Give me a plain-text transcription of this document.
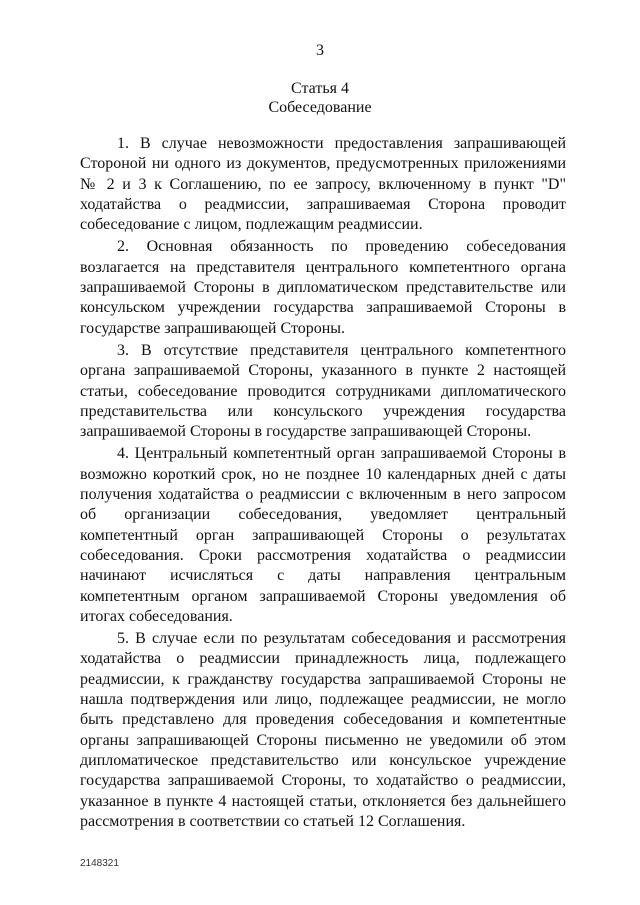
3
Статья 4
Собеседование

1. В случае невозможности предоставления запрашивающей Стороной ни одного из документов, предусмотренных приложениями № 2 и 3 к Соглашению, по ее запросу, включенному в пункт "D" ходатайства о реадмиссии, запрашиваемая Сторона проводит собеседование с лицом, подлежащим реадмиссии.

2. Основная обязанность по проведению собеседования возлагается на представителя центрального компетентного органа запрашиваемой Стороны в дипломатическом представительстве или консульском учреждении государства запрашиваемой Стороны в государстве запрашивающей Стороны.

3. В отсутствие представителя центрального компетентного органа запрашиваемой Стороны, указанного в пункте 2 настоящей статьи, собеседование проводится сотрудниками дипломатического представительства или консульского учреждения государства запрашиваемой Стороны в государстве запрашивающей Стороны.

4. Центральный компетентный орган запрашиваемой Стороны в возможно короткий срок, но не позднее 10 календарных дней с даты получения ходатайства о реадмиссии с включенным в него запросом об организации собеседования, уведомляет центральный компетентный орган запрашивающей Стороны о результатах собеседования. Сроки рассмотрения ходатайства о реадмиссии начинают исчисляться с даты направления центральным компетентным органом запрашиваемой Стороны уведомления об итогах собеседования.

5. В случае если по результатам собеседования и рассмотрения ходатайства о реадмиссии принадлежность лица, подлежащего реадмиссии, к гражданству государства запрашиваемой Стороны не нашла подтверждения или лицо, подлежащее реадмиссии, не могло быть представлено для проведения собеседования и компетентные органы запрашивающей Стороны письменно не уведомили об этом дипломатическое представительство или консульское учреждение государства запрашиваемой Стороны, то ходатайство о реадмиссии, указанное в пункте 4 настоящей статьи, отклоняется без дальнейшего рассмотрения в соответствии со статьей 12 Соглашения.

2148321
